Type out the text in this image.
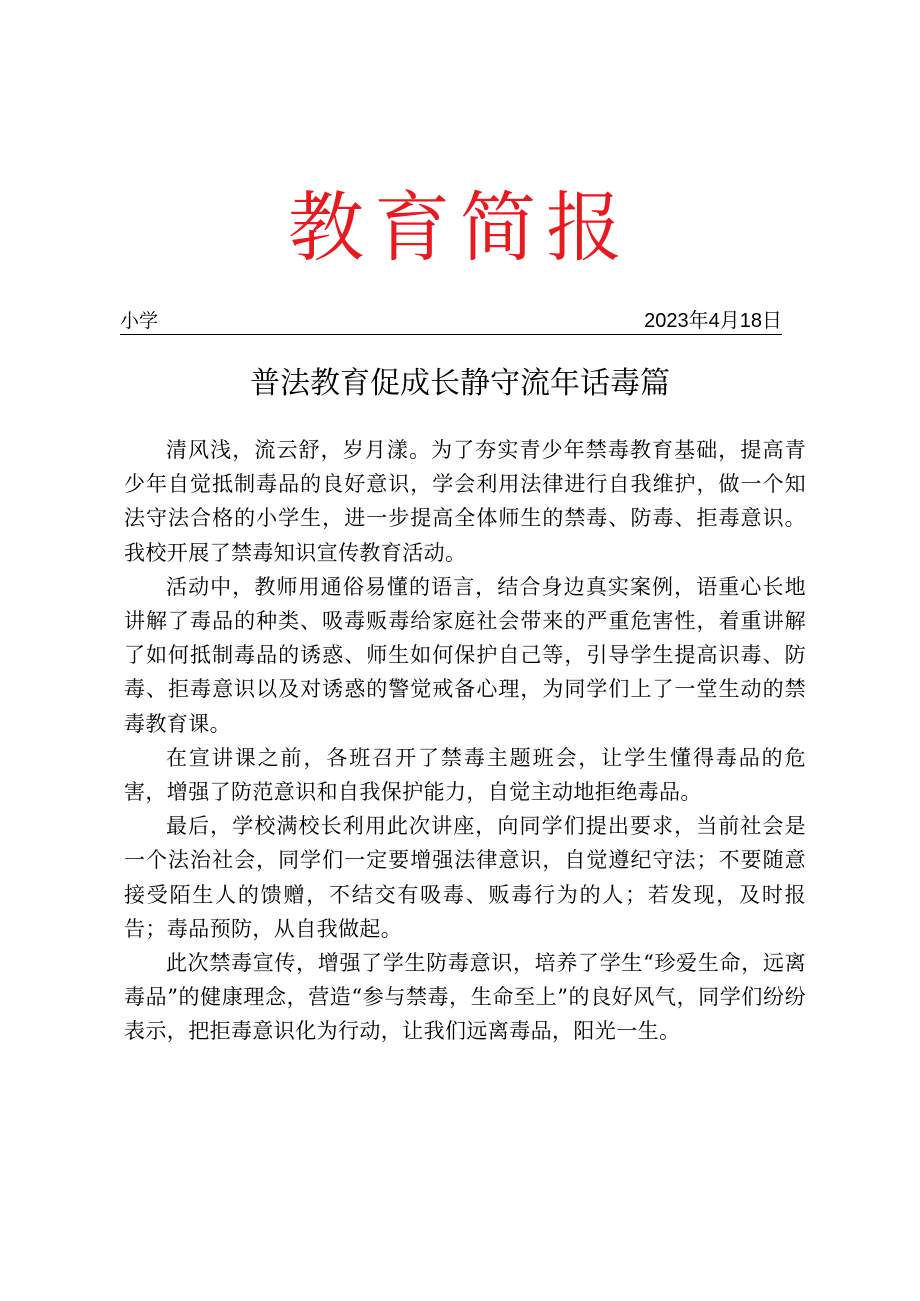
教育简报
小学	2023年4月18日
普法教育促成长静守流年话毒篇

清风浅，流云舒，岁月漾。为了夯实青少年禁毒教育基础，提高青少年自觉抵制毒品的良好意识，学会利用法律进行自我维护，做一个知法守法合格的小学生，进一步提高全体师生的禁毒、防毒、拒毒意识。我校开展了禁毒知识宣传教育活动。

活动中，教师用通俗易懂的语言，结合身边真实案例，语重心长地讲解了毒品的种类、吸毒贩毒给家庭社会带来的严重危害性，着重讲解了如何抵制毒品的诱惑、师生如何保护自己等，引导学生提高识毒、防毒、拒毒意识以及对诱惑的警觉戒备心理，为同学们上了一堂生动的禁毒教育课。

在宣讲课之前，各班召开了禁毒主题班会，让学生懂得毒品的危害，增强了防范意识和自我保护能力，自觉主动地拒绝毒品。

最后，学校满校长利用此次讲座，向同学们提出要求，当前社会是一个法治社会，同学们一定要增强法律意识，自觉遵纪守法；不要随意接受陌生人的馈赠，不结交有吸毒、贩毒行为的人；若发现，及时报告；毒品预防，从自我做起。

此次禁毒宣传，增强了学生防毒意识，培养了学生“珍爱生命，远离毒品”的健康理念，营造“参与禁毒，生命至上”的良好风气，同学们纷纷表示，把拒毒意识化为行动，让我们远离毒品，阳光一生。
